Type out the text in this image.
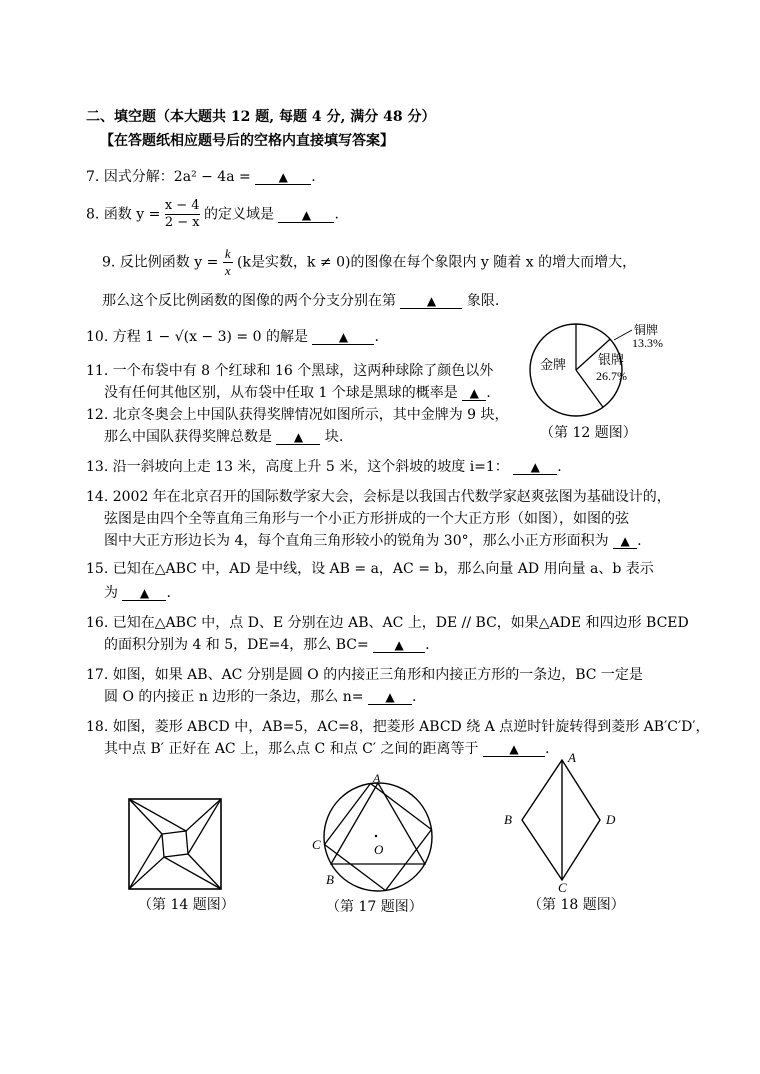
二、填空题（本大题共 12 题, 每题 4 分, 满分 48 分）
【在答题纸相应题号后的空格内直接填写答案】
7. 因式分解：2a² − 4a = ▲ .
8. 函数 $y = \frac{x - 4}{2 - x}$ 的定义域是 ▲ .
9. 反比例函数 $y = \frac{k}{x} (k$是实数，k ≠ 0)的图像在每个象限内 y 随着 x 的增大而增大，
那么这个反比例函数的图像的两个分支分别在第	▲ 象限.
10. 方程 1 − √(x − 3) = 0 的解是	▲ .
11. 一个布袋中有 8 个红球和 16 个黑球，这两种球除了颜色以外
没有任何其他区别，从布袋中任取 1 个球是黑球的概率是 ▲ .
12. 北京冬奥会上中国队获得奖牌情况如图所示，其中金牌为 9 块，
那么中国队获得奖牌总数是 ▲ 块.
金牌 银牌
26.7%
铜牌
13.3%
（第 12 题图）
13. 沿一斜坡向上走 13 米，高度上升 5 米，这个斜坡的坡度 i=1： ▲ .
14. 2002 年在北京召开的国际数学家大会，会标是以我国古代数学家赵爽弦图为基础设计的，
弦图是由四个全等直角三角形与一个小正方形拼成的一个大正方形（如图），如图的弦
图中大正方形边长为 4，每个直角三角形较小的锐角为 30°，那么小正方形面积为 ▲ .
15. 已知在△ABC 中，AD 是中线，设 AB = a，AC = b，那么向量 AD 用向量 a、b 表示
为 ▲ .
16. 已知在△ABC 中，点 D、E 分别在边 AB、AC 上，DE // BC，如果△ADE 和四边形 BCED
的面积分别为 4 和 5，DE=4，那么 BC= ▲ .
17. 如图，如果 AB、AC 分别是圆 O 的内接正三角形和内接正方形的一条边，BC 一定是
圆 O 的内接正 n 边形的一条边，那么 n= ▲ .
18. 如图，菱形 ABCD 中，AB=5，AC=8，把菱形 ABCD 绕 A 点逆时针旋转得到菱形 AB′C′D′，
其中点 B′ 正好在 AC 上，那么点 C 和点 C′ 之间的距离等于	▲ .
（第 14 题图）
A
C
B
O
（第 17 题图）
A
B
C
D
（第 18 题图）
